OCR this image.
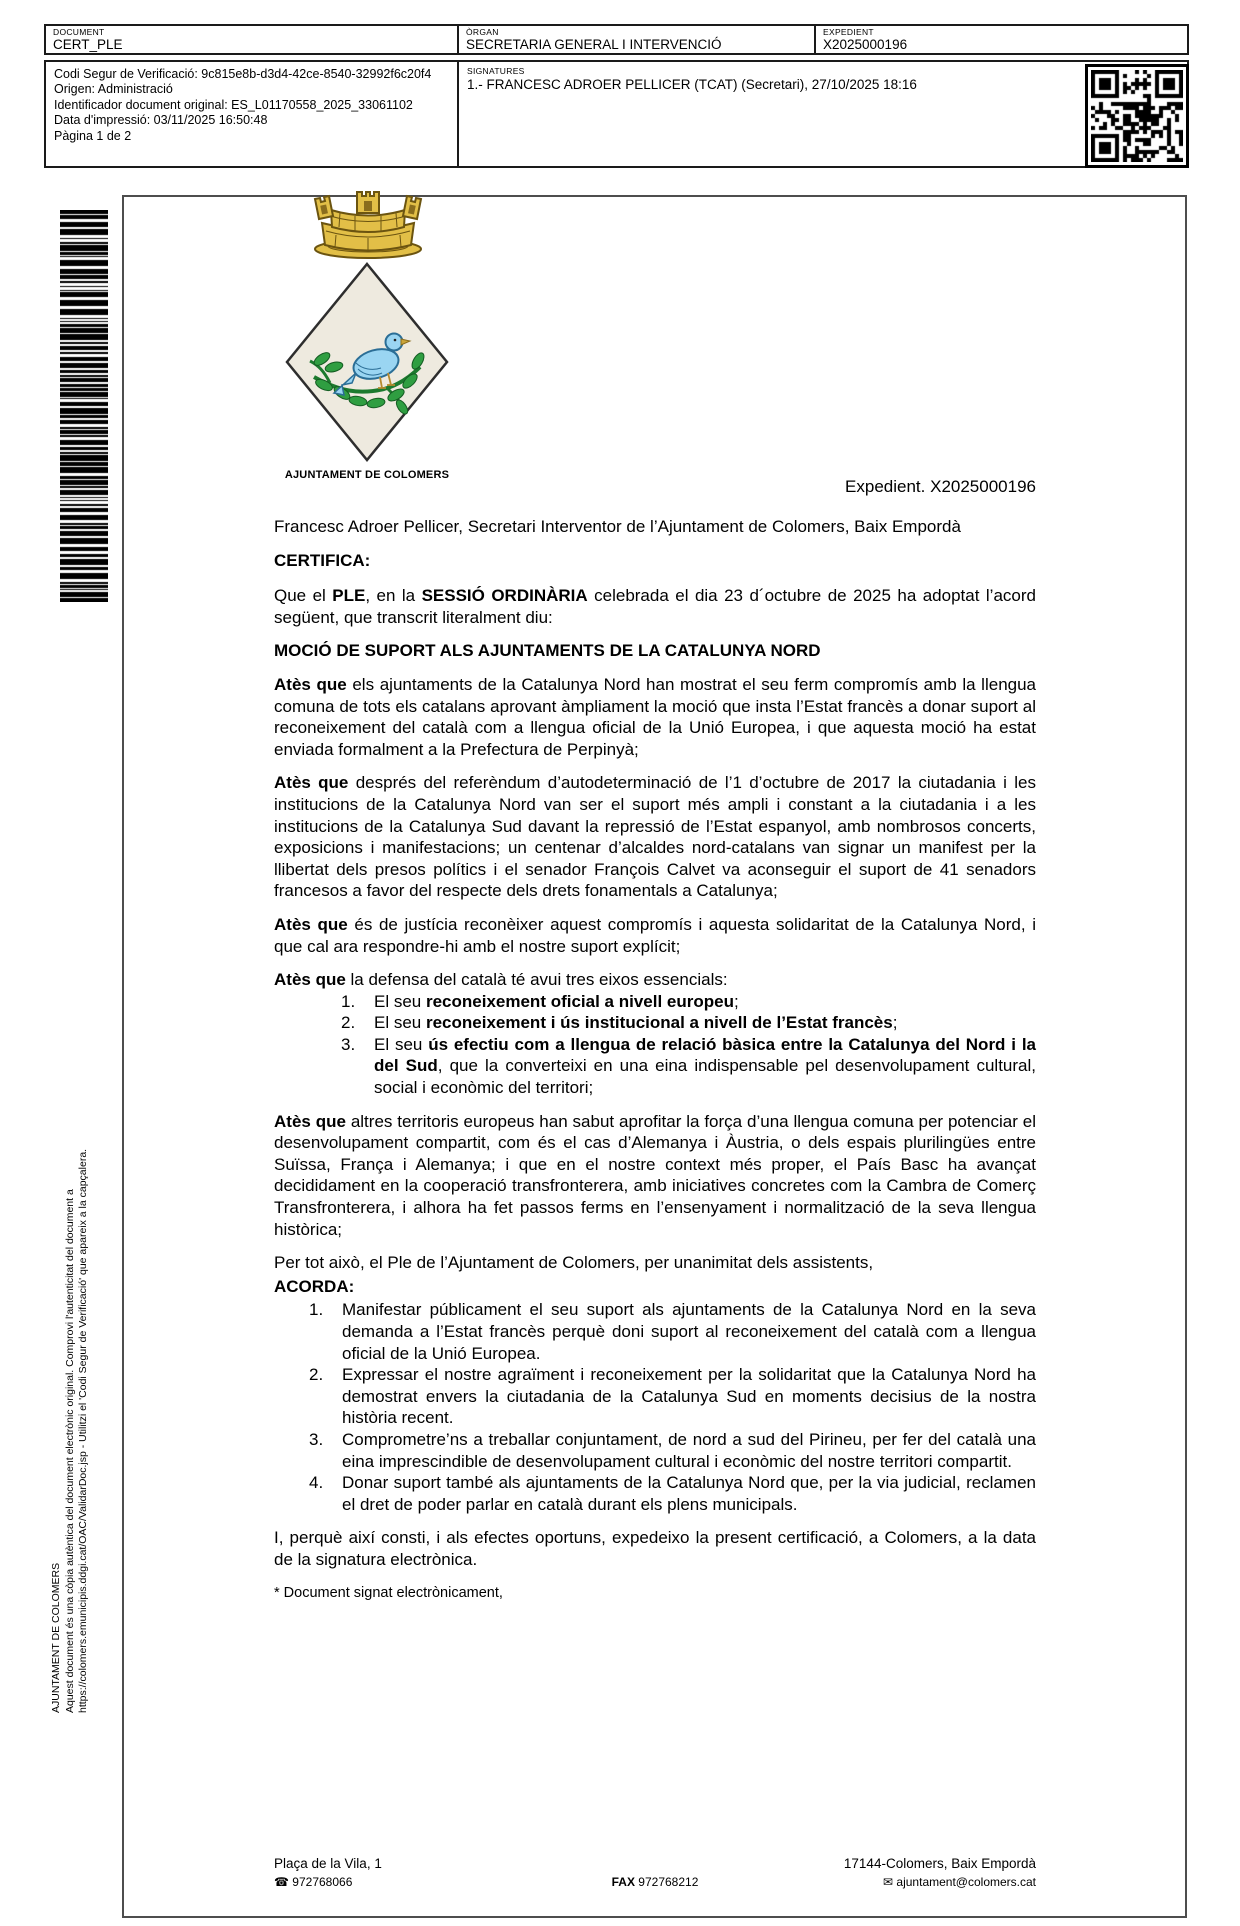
DOCUMENT
CERT_PLE
ÒRGAN
SECRETARIA GENERAL I INTERVENCIÓ
EXPEDIENT
X2025000196
Codi Segur de Verificació: 9c815e8b-d3d4-42ce-8540-32992f6c20f4
Origen: Administració
Identificador document original: ES_L01170558_2025_33061102
Data d'impressió: 03/11/2025 16:50:48
Pàgina 1 de 2
SIGNATURES
1.- FRANCESC ADROER PELLICER (TCAT) (Secretari), 27/10/2025 18:16
AJUNTAMENT DE COLOMERS
Expedient. X2025000196

Francesc Adroer Pellicer, Secretari Interventor de l’Ajuntament de Colomers, Baix Empordà

CERTIFICA:

Que el PLE, en la SESSIÓ ORDINÀRIA celebrada el dia 23 d´octubre de 2025 ha adoptat l’acord següent, que transcrit literalment diu:

MOCIÓ DE SUPORT ALS AJUNTAMENTS DE LA CATALUNYA NORD

Atès que els ajuntaments de la Catalunya Nord han mostrat el seu ferm compromís amb la llengua comuna de tots els catalans aprovant àmpliament la moció que insta l’Estat francès a donar suport al reconeixement del català com a llengua oficial de la Unió Europea, i que aquesta moció ha estat enviada formalment a la Prefectura de Perpinyà;

Atès que després del referèndum d’autodeterminació de l’1 d’octubre de 2017 la ciutadania i les institucions de la Catalunya Nord van ser el suport més ampli i constant a la ciutadania i a les institucions de la Catalunya Sud davant la repressió de l’Estat espanyol, amb nombrosos concerts, exposicions i manifestacions; un centenar d’alcaldes nord-catalans van signar un manifest per la llibertat dels presos polítics i el senador François Calvet va aconseguir el suport de 41 senadors francesos a favor del respecte dels drets fonamentals a Catalunya;

Atès que és de justícia reconèixer aquest compromís i aquesta solidaritat de la Catalunya Nord, i que cal ara respondre-hi amb el nostre suport explícit;

Atès que la defensa del català té avui tres eixos essencials:

El seu reconeixement oficial a nivell europeu;
El seu reconeixement i ús institucional a nivell de l’Estat francès;
El seu ús efectiu com a llengua de relació bàsica entre la Catalunya del Nord i la del Sud, que la converteixi en una eina indispensable pel desenvolupament cultural, social i econòmic del territori;

Atès que altres territoris europeus han sabut aprofitar la força d’una llengua comuna per potenciar el desenvolupament compartit, com és el cas d’Alemanya i Àustria, o dels espais plurilingües entre Suïssa, França i Alemanya; i que en el nostre context més proper, el País Basc ha avançat decididament en la cooperació transfronterera, amb iniciatives concretes com la Cambra de Comerç Transfronterera, i alhora ha fet passos ferms en l’ensenyament i normalització de la seva llengua històrica;

Per tot això, el Ple de l’Ajuntament de Colomers, per unanimitat dels assistents,

ACORDA:

Manifestar públicament el seu suport als ajuntaments de la Catalunya Nord en la seva demanda a l’Estat francès perquè doni suport al reconeixement del català com a llengua oficial de la Unió Europea.
Expressar el nostre agraïment i reconeixement per la solidaritat que la Catalunya Nord ha demostrat envers la ciutadania de la Catalunya Sud en moments decisius de la nostra història recent.
Comprometre’ns a treballar conjuntament, de nord a sud del Pirineu, per fer del català una eina imprescindible de desenvolupament cultural i econòmic del nostre territori compartit.
Donar suport també als ajuntaments de la Catalunya Nord que, per la via judicial, reclamen el dret de poder parlar en català durant els plens municipals.

I, perquè així consti, i als efectes oportuns, expedeixo la present certificació, a Colomers, a la data de la signatura electrònica.

* Document signat electrònicament,

AJUNTAMENT DE COLOMERS Aquest document és una còpia autèntica del document electrònic original. Comprovi l'autenticitat del document a https://colomers.emunicipis.ddgi.cat/OAC/ValidarDoc.jsp - Utilitzi el 'Codi Segur de Verificació' que apareix a la capçalera.
Plaça de la Vila, 1	17144-Colomers, Baix Empordà
☎ 972768066	FAX 972768212	✉ ajuntament@colomers.cat
